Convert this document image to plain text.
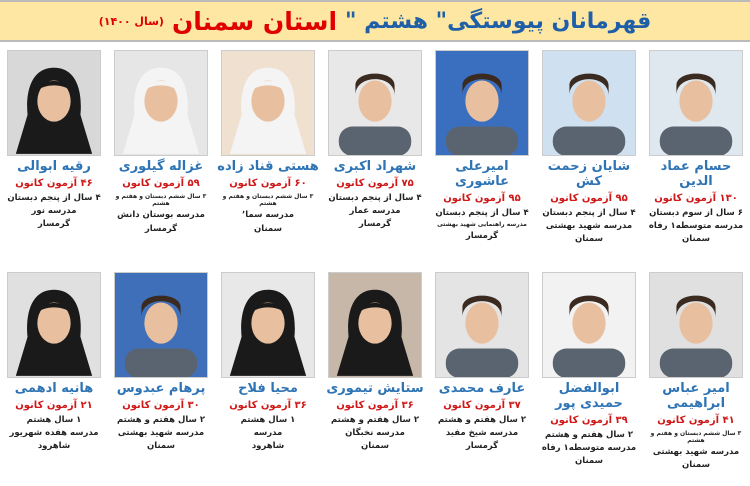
قهرمانان پیوستگی" هشتم "
استان سمنان
(سال ۱۴۰۰)
حسام عماد الدین
۱۳۰ آزمون کانون
۶ سال از سوم دبستان
مدرسه متوسطه۱ رفاه
سمنان
شایان زحمت کش
۹۵ آزمون کانون
۴ سال از پنجم دبستان
مدرسه شهید بهشتی
سمنان
امیرعلی عاشوری
۹۵ آزمون کانون
۴ سال از پنجم دبستان
مدرسه راهنمایی شهید بهشتی
گرمسار
شهراد اکبری
۷۵ آزمون کانون
۴ سال از پنجم دبستان
مدرسه عمار
گرمسار
هستی قناد زاده
۶۰ آزمون کانون
۳ سال ششم دبستان و هفتم و هشتم
مدرسه سما٬
سمنان
غزاله گیلوری
۵۹ آزمون کانون
۳ سال ششم دبستان و هفتم و هشتم
مدرسه بوستان دانش
گرمسار
رقیه ابوالی
۴۶ آزمون کانون
۴ سال از پنجم دبستان
مدرسه نور
گرمسار
امیر عباس ابراهیمی
۴۱ آزمون کانون
۳ سال ششم دبستان و هفتم و هشتم
مدرسه شهید بهشتی
سمنان
ابوالفضل حمیدی پور
۳۹ آزمون کانون
۲ سال هفتم و هشتم
مدرسه متوسطه۱ رفاه
سمنان
عارف محمدی
۳۷ آزمون کانون
۲ سال هفتم و هشتم
مدرسه شیخ مفید
گرمسار
ستایش تیموری
۳۶ آزمون کانون
۲ سال هفتم و هشتم
مدرسه نخبگان
سمنان
محیا فلاح
۳۶ آزمون کانون
۱ سال هشتم
مدرسه
شاهرود
پرهام عبدوس
۳۰ آزمون کانون
۲ سال هفتم و هشتم
مدرسه شهید بهشتی
سمنان
هانیه ادهمی
۲۱ آزمون کانون
۱ سال هشتم
مدرسه هفده شهریور
شاهرود
